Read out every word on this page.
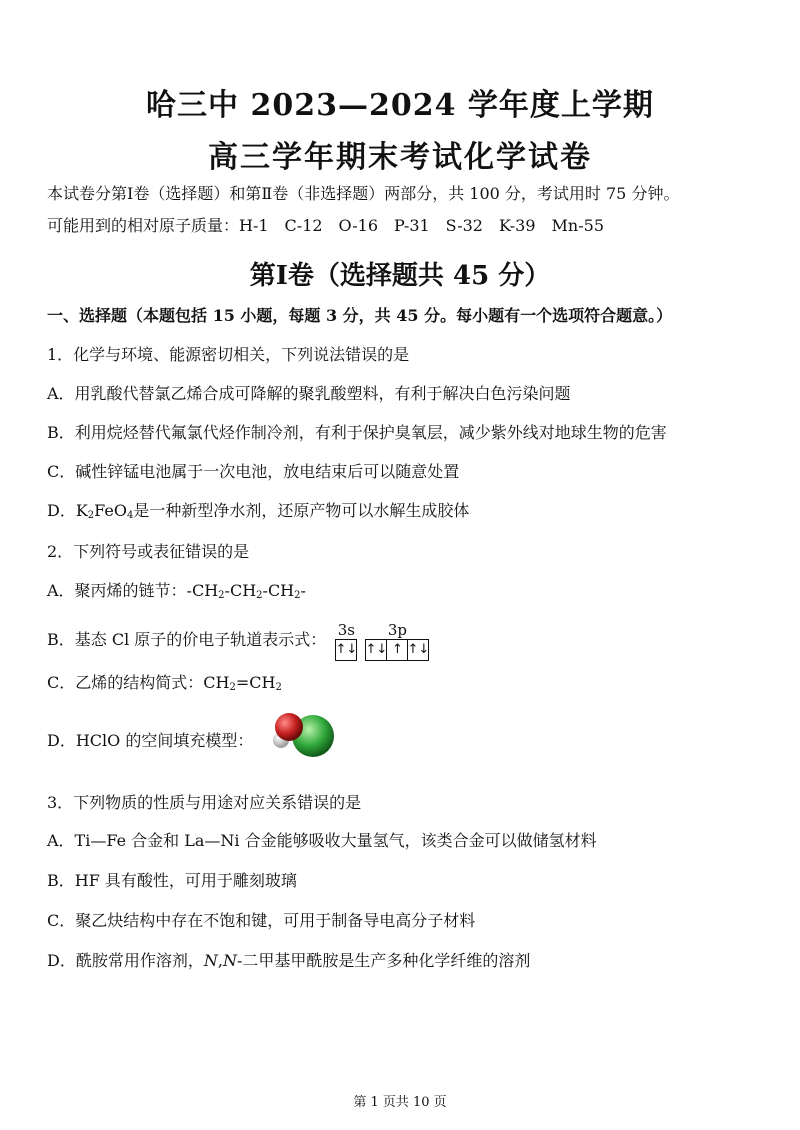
哈三中 2023—2024 学年度上学期
高三学年期末考试化学试卷
本试卷分第Ⅰ卷（选择题）和第Ⅱ卷（非选择题）两部分，共 100 分，考试用时 75 分钟。
可能用到的相对原子质量：H-1　C-12　O-16　P-31　S-32　K-39　Mn-55
第Ⅰ卷（选择题共 45 分）
一、选择题（本题包括 15 小题，每题 3 分，共 45 分。每小题有一个选项符合题意。）
1．化学与环境、能源密切相关，下列说法错误的是
A．用乳酸代替氯乙烯合成可降解的聚乳酸塑料，有利于解决白色污染问题
B．利用烷烃替代氟氯代烃作制冷剂，有利于保护臭氧层，减少紫外线对地球生物的危害
C．碱性锌锰电池属于一次电池，放电结束后可以随意处置
D．$K_2FeO_4$是一种新型净水剂，还原产物可以水解生成胶体
2．下列符号或表征错误的是
A．聚丙烯的链节：$-CH_2-CH_2-CH_2-$
B．基态 Cl 原子的价电子轨道表示式：
3s
↑↓
3p
↑↓ ↑ ↑↓
C．乙烯的结构简式：$CH_2=CH_2$
D．HClO 的空间填充模型：
3．下列物质的性质与用途对应关系错误的是
A．Ti—Fe 合金和 La—Ni 合金能够吸收大量氢气，该类合金可以做储氢材料
B．HF 具有酸性，可用于雕刻玻璃
C．聚乙炔结构中存在不饱和键，可用于制备导电高分子材料
D．酰胺常用作溶剂，N,N-二甲基甲酰胺是生产多种化学纤维的溶剂
第 1 页共 10 页
